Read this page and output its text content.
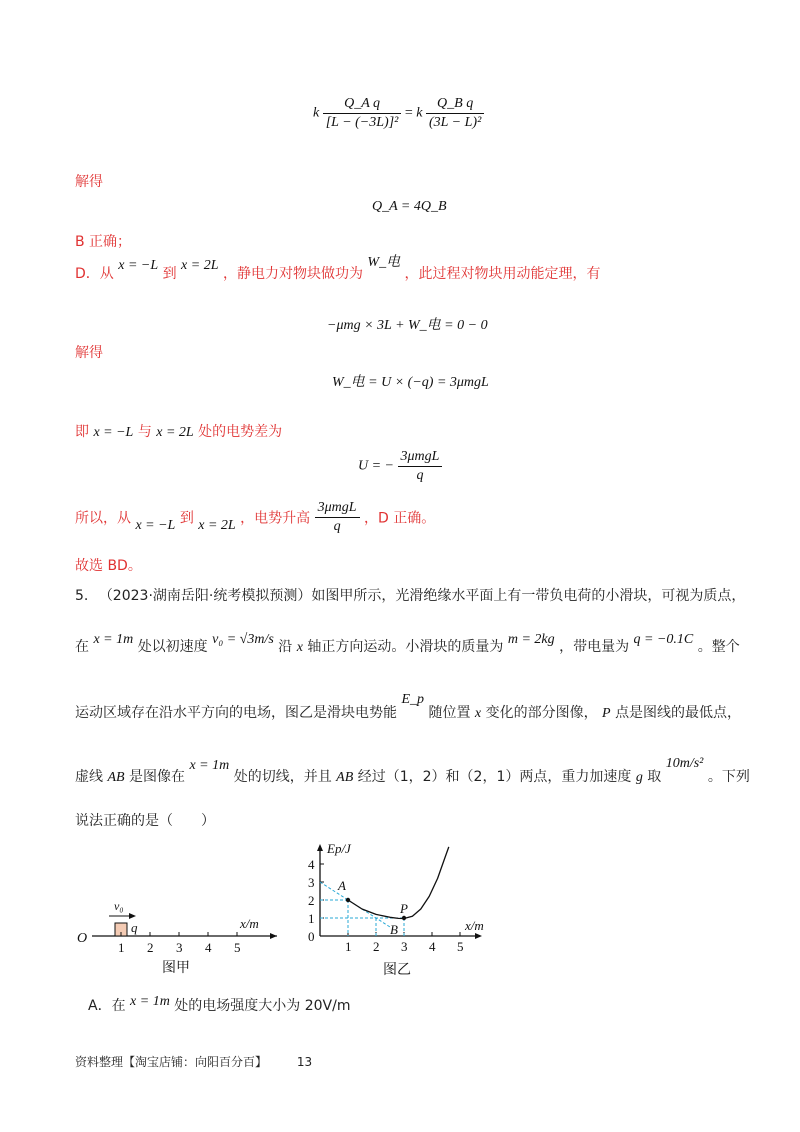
k $\frac{\text{Q\_A q}}{\text{[L − (−3L)]²}} = k \frac{\text{Q\_B q}}{\text{(3L − L)²}}$
解得
Q_A = 4Q_B
B 正确；
D．从 x = −L 到 x = 2L ，静电力对物块做功为 W_电 ，此过程对物块用动能定理，有
−μmg × 3L + W_电 = 0 − 0
解得
W_电 = U × (−q) = 3μmgL
即 x = −L 与 x = 2L 处的电势差为
U = − $\frac{\text{3μmgL}}{q}$
所以，从 x = −L 到 x = 2L ，电势升高 $\frac{\text{3μmgL}}{q}$ ，D 正确。
故选 BD。
5. （2023·湖南岳阳·统考模拟预测）如图甲所示，光滑绝缘水平面上有一带负电荷的小滑块，可视为质点，
在 x = 1m 处以初速度 v₀ = √3m/s 沿 x 轴正方向运动。小滑块的质量为 m = 2kg ，带电量为 q = −0.1C 。整个
运动区域存在沿水平方向的电场，图乙是滑块电势能 E_p 随位置 x 变化的部分图像， P 点是图线的最低点，
虚线 AB 是图像在 x = 1m 处的切线，并且 AB 经过（1，2）和（2，1）两点，重力加速度 g 取 10m/s² 。下列
说法正确的是（　　）
O
x/m
v₀
q
1 2 3 4 5
图甲
Ep/J
x/m
1 2 3 4 5
0
1
2
3
4
A
P
B
图乙
A．在 x = 1m 处的电场强度大小为 20V/m
资料整理【淘宝店铺：向阳百分百】 13
